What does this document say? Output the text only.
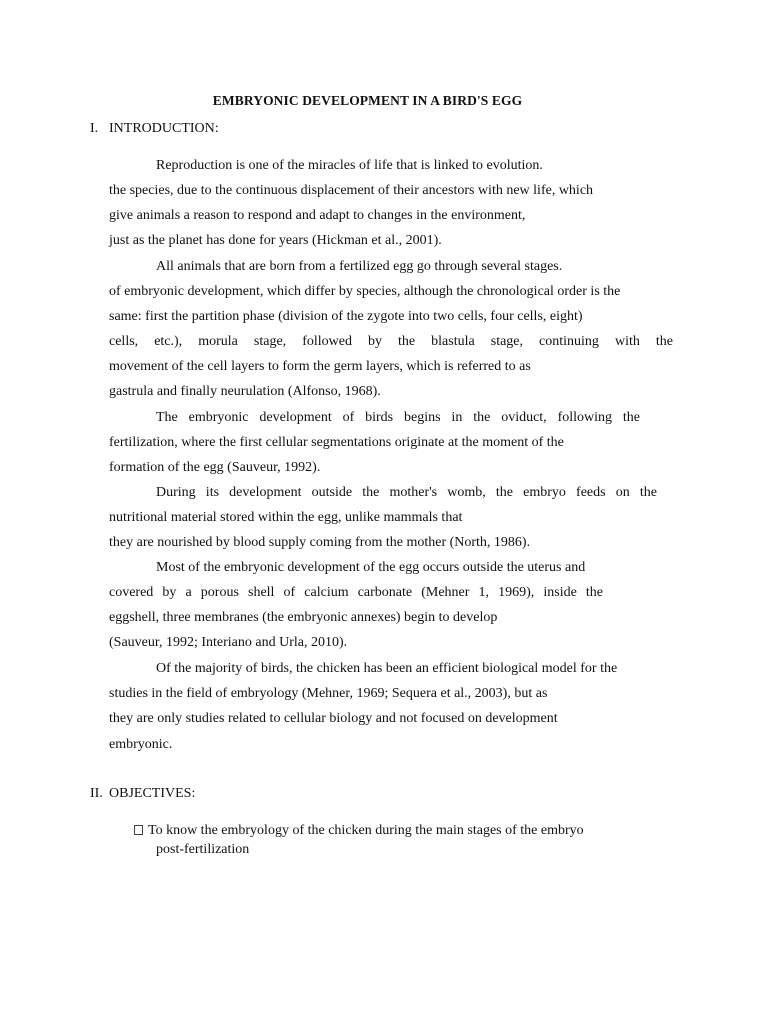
EMBRYONIC DEVELOPMENT IN A BIRD'S EGG
I. INTRODUCTION:
Reproduction is one of the miracles of life that is linked to evolution.
the species, due to the continuous displacement of their ancestors with new life, which
give animals a reason to respond and adapt to changes in the environment,
just as the planet has done for years (Hickman et al., 2001).
All animals that are born from a fertilized egg go through several stages.
of embryonic development, which differ by species, although the chronological order is the
same: first the partition phase (division of the zygote into two cells, four cells, eight)
cells, etc.), morula stage, followed by the blastula stage, continuing with the
movement of the cell layers to form the germ layers, which is referred to as
gastrula and finally neurulation (Alfonso, 1968).
The embryonic development of birds begins in the oviduct, following the
fertilization, where the first cellular segmentations originate at the moment of the
formation of the egg (Sauveur, 1992).
During its development outside the mother's womb, the embryo feeds on the
nutritional material stored within the egg, unlike mammals that
they are nourished by blood supply coming from the mother (North, 1986).
Most of the embryonic development of the egg occurs outside the uterus and
covered by a porous shell of calcium carbonate (Mehner 1, 1969), inside the
eggshell, three membranes (the embryonic annexes) begin to develop
(Sauveur, 1992; Interiano and Urla, 2010).
Of the majority of birds, the chicken has been an efficient biological model for the
studies in the field of embryology (Mehner, 1969; Sequera et al., 2003), but as
they are only studies related to cellular biology and not focused on development
embryonic.
II. OBJECTIVES:
To know the embryology of the chicken during the main stages of the embryo
post-fertilization
